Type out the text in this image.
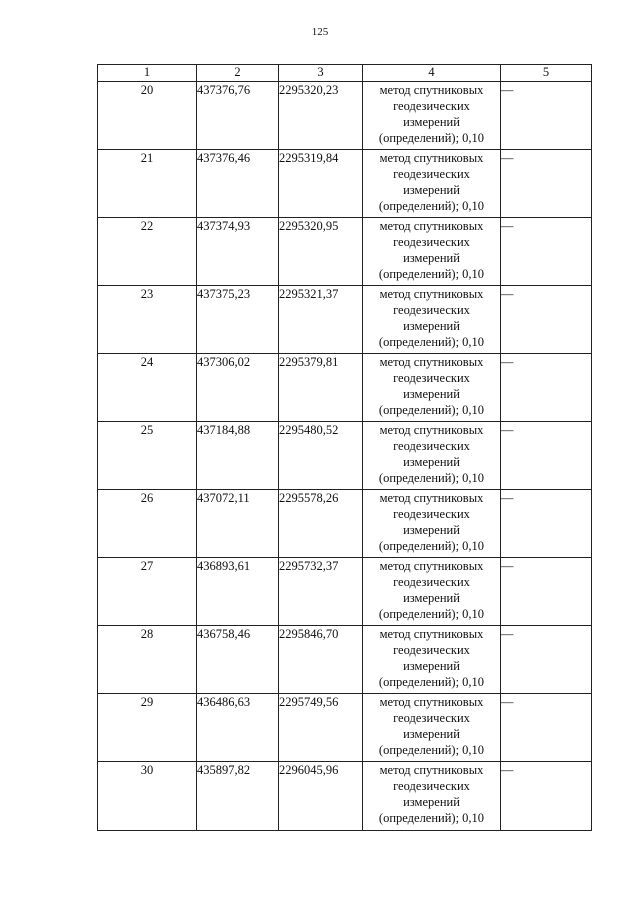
125
1	2	3	4	5
20	437376,76	2295320,23	метод спутниковых
геодезических
измерений
(определений); 0,10	—
21	437376,46	2295319,84	метод спутниковых
геодезических
измерений
(определений); 0,10	—
22	437374,93	2295320,95	метод спутниковых
геодезических
измерений
(определений); 0,10	—
23	437375,23	2295321,37	метод спутниковых
геодезических
измерений
(определений); 0,10	—
24	437306,02	2295379,81	метод спутниковых
геодезических
измерений
(определений); 0,10	—
25	437184,88	2295480,52	метод спутниковых
геодезических
измерений
(определений); 0,10	—
26	437072,11	2295578,26	метод спутниковых
геодезических
измерений
(определений); 0,10	—
27	436893,61	2295732,37	метод спутниковых
геодезических
измерений
(определений); 0,10	—
28	436758,46	2295846,70	метод спутниковых
геодезических
измерений
(определений); 0,10	—
29	436486,63	2295749,56	метод спутниковых
геодезических
измерений
(определений); 0,10	—
30	435897,82	2296045,96	метод спутниковых
геодезических
измерений
(определений); 0,10	—
